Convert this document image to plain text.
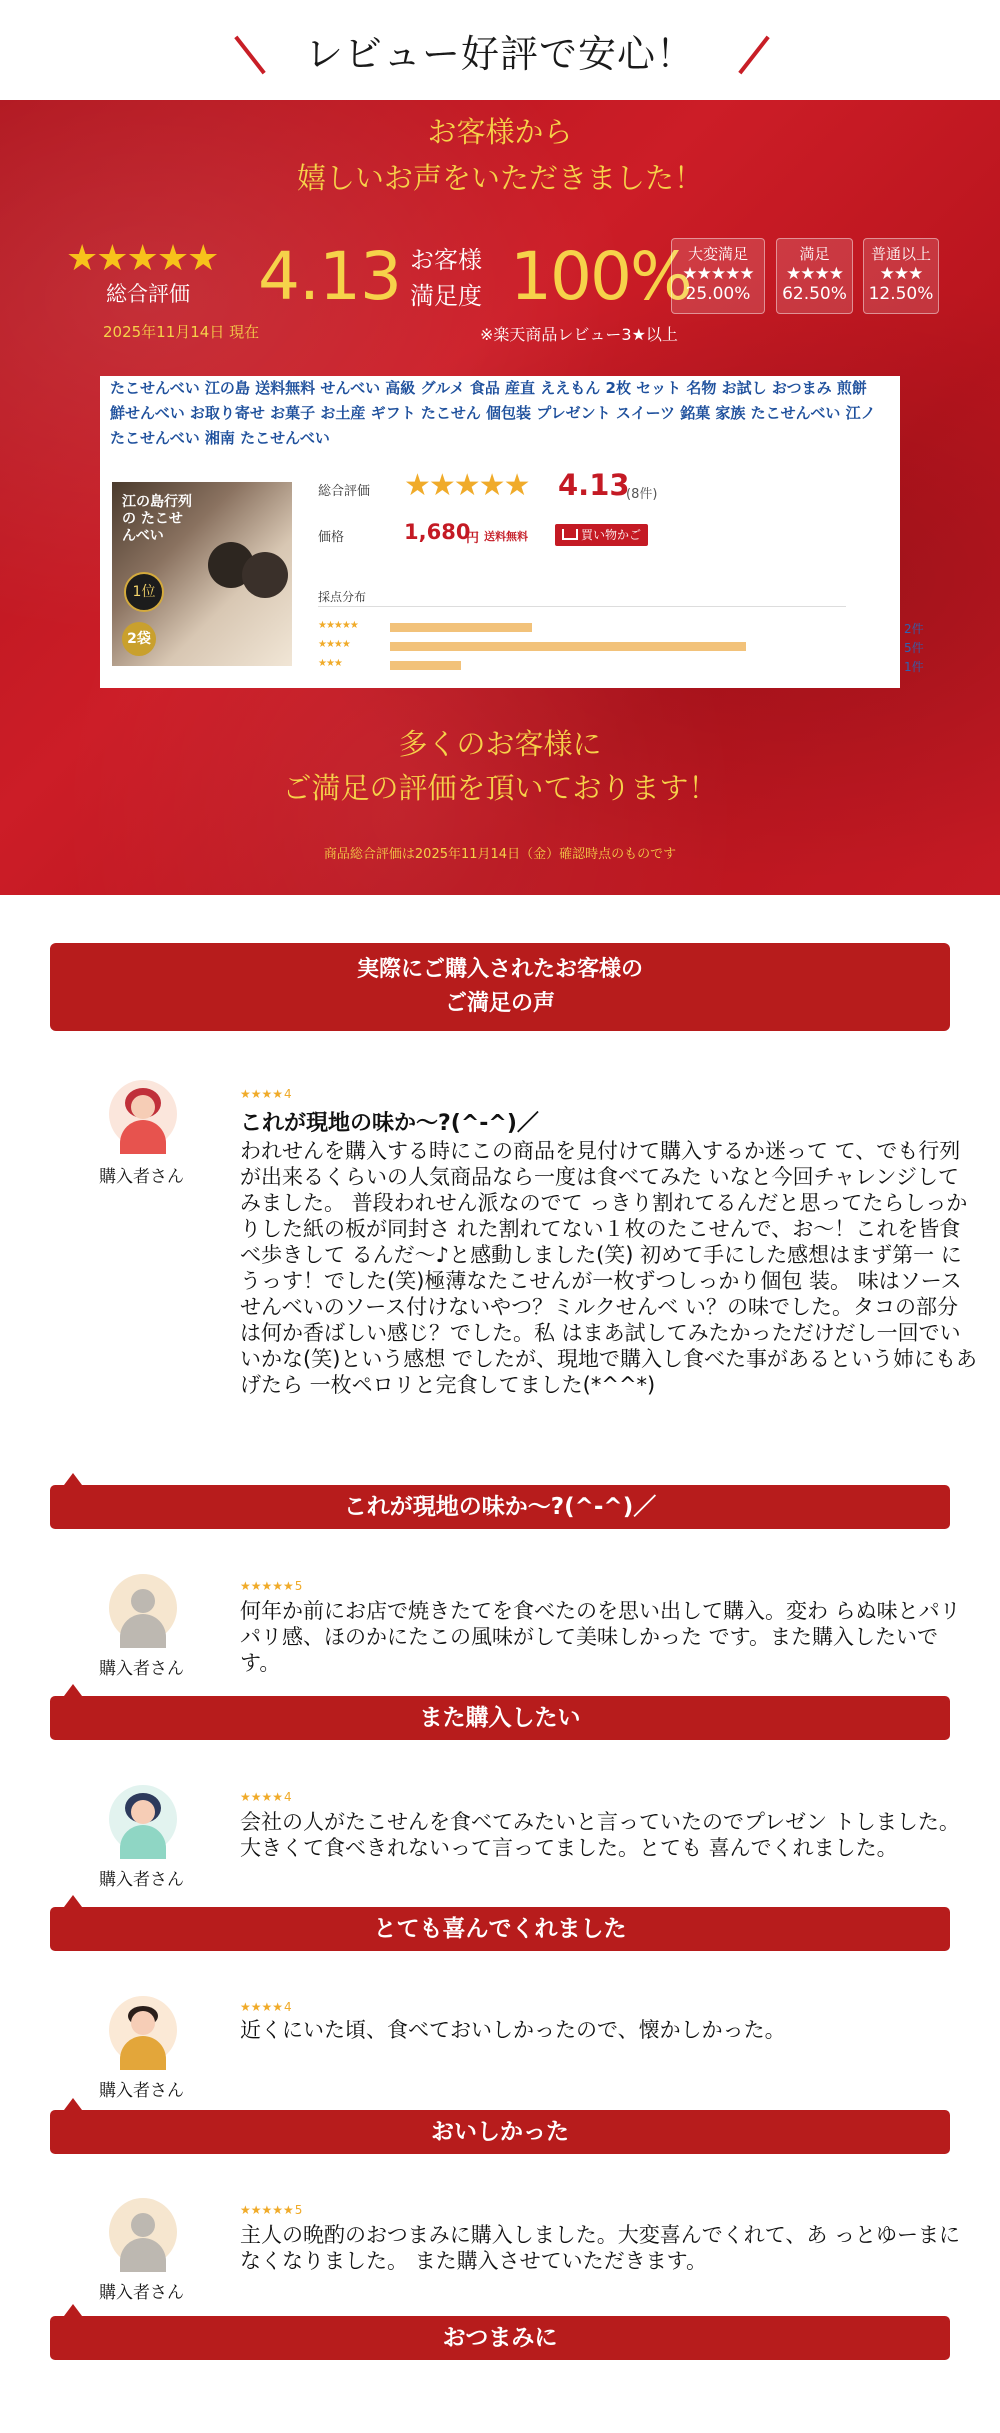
レビュー好評で安心！
お客様から
嬉しいお声をいただきました！
★★★★★
総合評価
2025年11月14日 現在
4.13 お客様
満足度 100%
大変満足
★★★★★
25.00%
満足
★★★★
62.50%
普通以上
★★★
12.50%
※楽天商品レビュー3★以上
たこせんべい 江の島 送料無料 せんべい 高級 グルメ 食品 産直 ええもん 2枚 セット 名物 お試し おつまみ 煎餅
鮮せんべい お取り寄せ お菓子 お土産 ギフト たこせん 個包装 プレゼント スイーツ 銘菓 家族 たこせんべい 江ノ
たこせんべい 湘南 たこせんべい
江の島行列の たこせんべい
1位
2袋
総合評価 ★★★★★ 4.13
(8件)
価格	1,680
円 送料無料	買い物かご
採点分布
★★★★★	2件
★★★★	5件
★★★	1件
多くのお客様に
ご満足の評価を頂いております！
商品総合評価は2025年11月14日（金）確認時点のものです
実際にご購入されたお客様の
ご満足の声
購入者さん
★★★★4
これが現地の味か〜?(^-^)／
われせんを購入する時にこの商品を見付けて購入するか迷って て、でも行列が出来るくらいの人気商品なら一度は食べてみた いなと今回チャレンジしてみました。 普段われせん派なのでて っきり割れてるんだと思ってたらしっかりした紙の板が同封さ れた割れてない１枚のたこせんで、お〜！これを皆食べ歩きして るんだ〜♪と感動しました(笑) 初めて手にした感想はまず第一 にうっす！でした(笑)極薄なたこせんが一枚ずつしっかり個包 装。 味はソースせんべいのソース付けないやつ？ミルクせんべ い？の味でした。タコの部分は何か香ばしい感じ？でした。私 はまあ試してみたかっただけだし一回でいいかな(笑)という感想 でしたが、現地で購入し食べた事があるという姉にもあげたら 一枚ペロリと完食してました(*^^*)
これが現地の味か〜?(^-^)／
購入者さん
★★★★★5
何年か前にお店で焼きたてを食べたのを思い出して購入。変わ らぬ味とパリパリ感、ほのかにたこの風味がして美味しかった です。また購入したいです。
また購入したい
購入者さん
★★★★4
会社の人がたこせんを食べてみたいと言っていたのでプレゼン トしました。大きくて食べきれないって言ってました。とても 喜んでくれました。
とても喜んでくれました
購入者さん
★★★★4
近くにいた頃、食べておいしかったので、懐かしかった。
おいしかった
購入者さん
★★★★★5
主人の晩酌のおつまみに購入しました。大変喜んでくれて、あ っとゆーまになくなりました。 また購入させていただきます。
おつまみに
